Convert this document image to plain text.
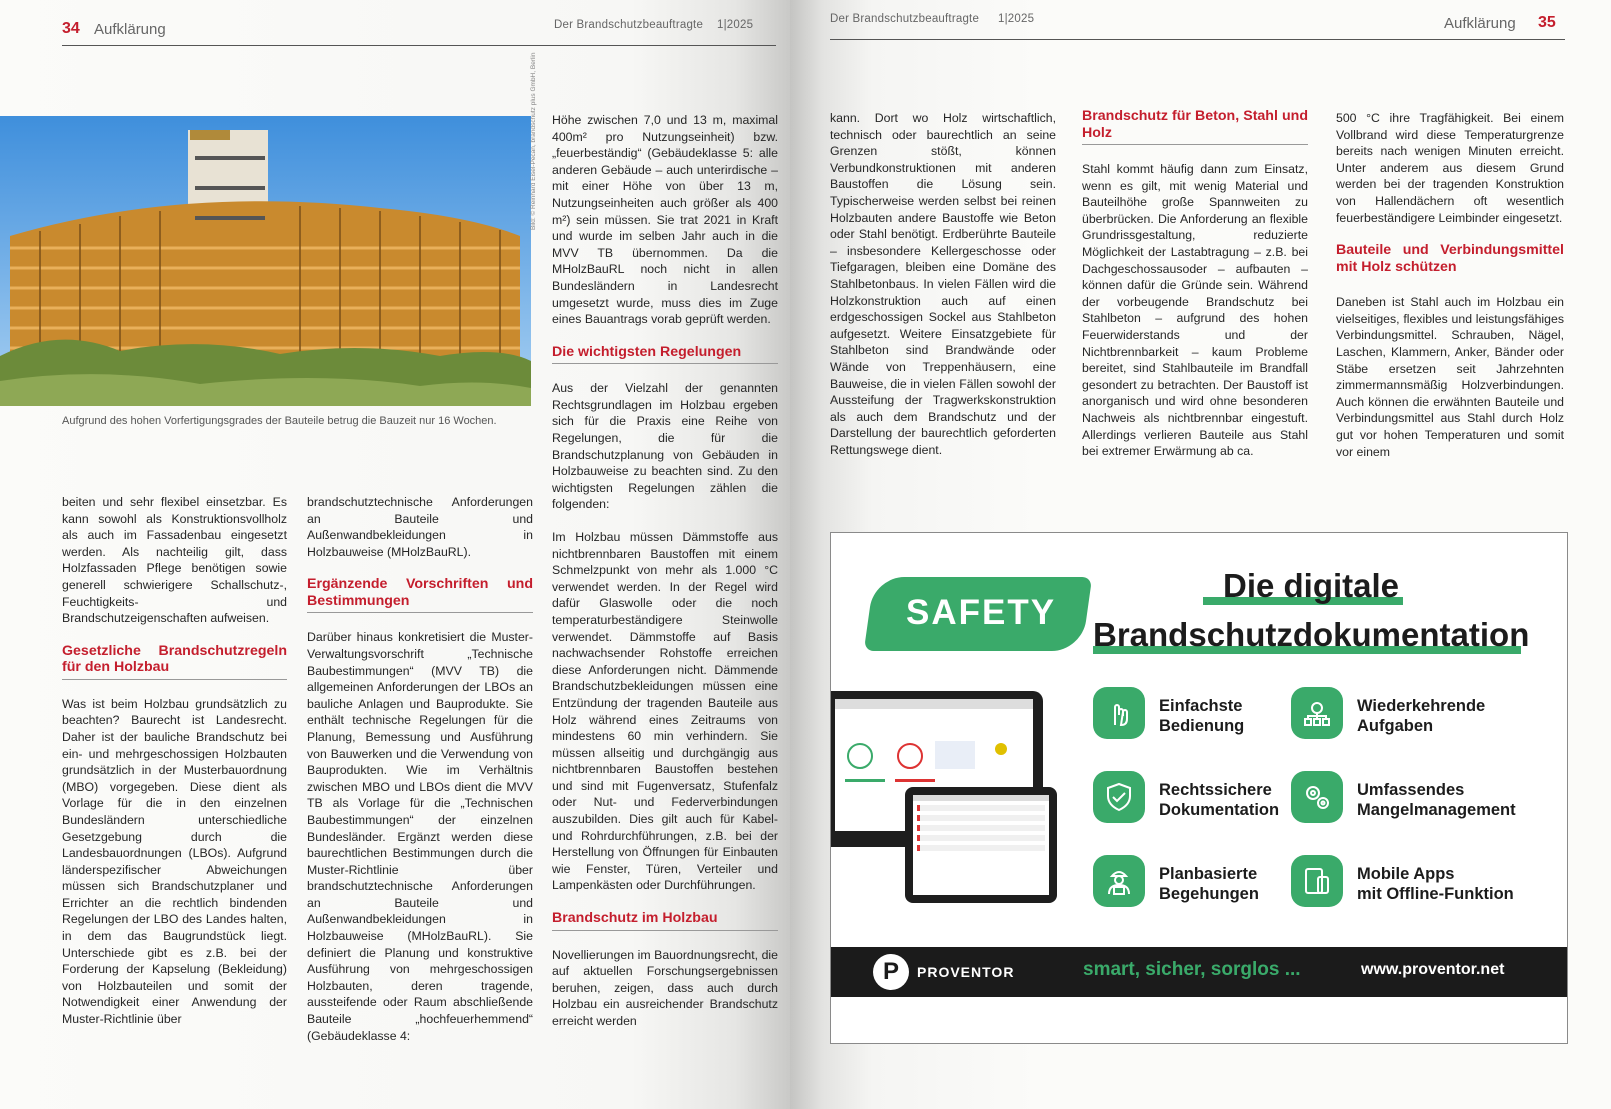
34 Aufklärung	Der Brandschutzbeauftragte 1|2025
Bild: © Reinhard Eisel-Pecan, brandschutz plus GmbH, Berlin
Aufgrund des hohen Vorfertigungsgrades der Bauteile betrug die Bauzeit nur 16 Wochen.

beiten und sehr flexibel einsetzbar. Es kann sowohl als Konstruktionsvollholz als auch im Fassadenbau eingesetzt werden. Als nachteilig gilt, dass Holzfassaden Pflege benötigen sowie generell schwierigere Schallschutz-, Feuchtigkeits- und Brandschutzeigenschaften aufweisen.

Gesetzliche Brandschutzregeln für den Holzbau

Was ist beim Holzbau grundsätzlich zu beachten? Baurecht ist Landesrecht. Daher ist der bauliche Brandschutz bei ein- und mehrgeschossigen Holzbauten grundsätzlich in der Musterbauordnung (MBO) vorgegeben. Diese dient als Vorlage für die in den einzelnen Bundesländern unterschiedliche Gesetzgebung durch die Landesbauordnungen (LBOs). Aufgrund länderspezifischer Abweichungen müssen sich Brandschutzplaner und Errichter an die rechtlich bindenden Regelungen der LBO des Landes halten, in dem das Baugrundstück liegt. Unterschiede gibt es z.B. bei der Forderung der Kapselung (Bekleidung) von Holzbauteilen und somit der Notwendigkeit einer Anwendung der Muster-Richtlinie über

brandschutztechnische Anforderungen an Bauteile und Außenwandbekleidungen in Holzbauweise (MHolzBauRL).

Ergänzende Vorschriften und Bestimmungen

Darüber hinaus konkretisiert die Muster-Verwaltungsvorschrift „Technische Baubestimmungen“ (MVV TB) die allgemeinen Anforderungen der LBOs an bauliche Anlagen und Bauprodukte. Sie enthält technische Regelungen für die Planung, Bemessung und Ausführung von Bauwerken und die Verwendung von Bauprodukten. Wie im Verhältnis zwischen MBO und LBOs dient die MVV TB als Vorlage für die „Technischen Baubestimmungen“ der einzelnen Bundesländer. Ergänzt werden diese baurechtlichen Bestimmungen durch die Muster-Richtlinie über brandschutztechnische Anforderungen an Bauteile und Außenwandbekleidungen in Holzbauweise (MHolzBauRL). Sie definiert die Planung und konstruktive Ausführung von mehrgeschossigen Holzbauten, deren tragende, aussteifende oder Raum abschließende Bauteile „hochfeuerhemmend“ (Gebäudeklasse 4:

Höhe zwischen 7,0 und 13 m, maximal 400m² pro Nutzungseinheit) bzw. „feuerbeständig“ (Gebäudeklasse 5: alle anderen Gebäude – auch unterirdische – mit einer Höhe von über 13 m, Nutzungseinheiten auch größer als 400 m²) sein müssen. Sie trat 2021 in Kraft und wurde im selben Jahr auch in die MVV TB übernommen. Da die MHolzBauRL noch nicht in allen Bundesländern in Landesrecht umgesetzt wurde, muss dies im Zuge eines Bauantrags vorab geprüft werden.

Die wichtigsten Regelungen

Aus der Vielzahl der genannten Rechtsgrundlagen im Holzbau ergeben sich für die Praxis eine Reihe von Regelungen, die für die Brandschutzplanung von Gebäuden in Holzbauweise zu beachten sind. Zu den wichtigsten Regelungen zählen die folgenden:

Im Holzbau müssen Dämmstoffe aus nichtbrennbaren Baustoffen mit einem Schmelzpunkt von mehr als 1.000 °C verwendet werden. In der Regel wird dafür Glaswolle oder die noch temperaturbeständigere Steinwolle verwendet. Dämmstoffe auf Basis nachwachsender Rohstoffe erreichen diese Anforderungen nicht. Dämmende Brandschutzbekleidungen müssen eine Entzündung der tragenden Bauteile aus Holz während eines Zeitraums von mindestens 60 min verhindern. Sie müssen allseitig und durchgängig aus nichtbrennbaren Baustoffen bestehen und sind mit Fugenversatz, Stufenfalz oder Nut- und Federverbindungen auszubilden. Dies gilt auch für Kabel- und Rohrdurchführungen, z.B. bei der Herstellung von Öffnungen für Einbauten wie Fenster, Türen, Verteiler und Lampenkästen oder Durchführungen.

Brandschutz im Holzbau

Novellierungen im Bauordnungsrecht, die auf aktuellen Forschungsergebnissen beruhen, zeigen, dass auch durch Holzbau ein ausreichender Brandschutz erreicht werden

Der Brandschutzbeauftragte 1|2025	Aufklärung 35

kann. Dort wo Holz wirtschaftlich, technisch oder baurechtlich an seine Grenzen stößt, können Verbundkonstruktionen mit anderen Baustoffen die Lösung sein. Typischerweise werden selbst bei reinen Holzbauten andere Baustoffe wie Beton oder Stahl benötigt. Erdberührte Bauteile – insbesondere Kellergeschosse oder Tiefgaragen, bleiben eine Domäne des Stahlbetonbaus. In vielen Fällen wird die Holzkonstruktion auch auf einen erdgeschossigen Sockel aus Stahlbeton aufgesetzt. Weitere Einsatzgebiete für Stahlbeton sind Brandwände oder Wände von Treppenhäusern, eine Bauweise, die in vielen Fällen sowohl der Aussteifung der Tragwerkskonstruktion als auch dem Brandschutz und der Darstellung der baurechtlich geforderten Rettungswege dient.

Brandschutz für Beton, Stahl und Holz

Stahl kommt häufig dann zum Einsatz, wenn es gilt, mit wenig Material und Bauteilhöhe große Spannweiten zu überbrücken. Die Anforderung an flexible Grundrissgestaltung, reduzierte Möglichkeit der Lastabtragung – z.B. bei Dachgeschossausoder – aufbauten – können dafür die Gründe sein. Während der vorbeugende Brandschutz bei Stahlbeton – aufgrund des hohen Feuerwiderstands und der Nichtbrennbarkeit – kaum Probleme bereitet, sind Stahlbauteile im Brandfall gesondert zu betrachten. Der Baustoff ist anorganisch und wird ohne besonderen Nachweis als nichtbrennbar eingestuft. Allerdings verlieren Bauteile aus Stahl bei extremer Erwärmung ab ca.

500 °C ihre Tragfähigkeit. Bei einem Vollbrand wird diese Temperaturgrenze bereits nach wenigen Minuten erreicht. Unter anderem aus diesem Grund werden bei der tragenden Konstruktion von Hallendächern oft wesentlich feuerbeständigere Leimbinder eingesetzt.

Bauteile und Verbindungsmittel mit Holz schützen

Daneben ist Stahl auch im Holzbau ein vielseitiges, flexibles und leistungsfähiges Verbindungsmittel. Schrauben, Nägel, Laschen, Klammern, Anker, Bänder oder Stäbe ersetzen seit Jahrzehnten zimmermannsmäßig Holzverbindungen. Auch können die erwähnten Bauteile und Verbindungsmittel aus Stahl durch Holz gut vor hohen Temperaturen und somit vor einem

SAFETY
Die digitale
Brandschutzdokumentation
Einfachste
Bedienung
Wiederkehrende
Aufgaben
Rechtssichere
Dokumentation
Umfassendes
Mangelmanagement
Planbasierte
Begehungen
Mobile Apps
mit Offline-Funktion
P	PROVENTOR	smart, sicher, sorglos ...	www.proventor.net
